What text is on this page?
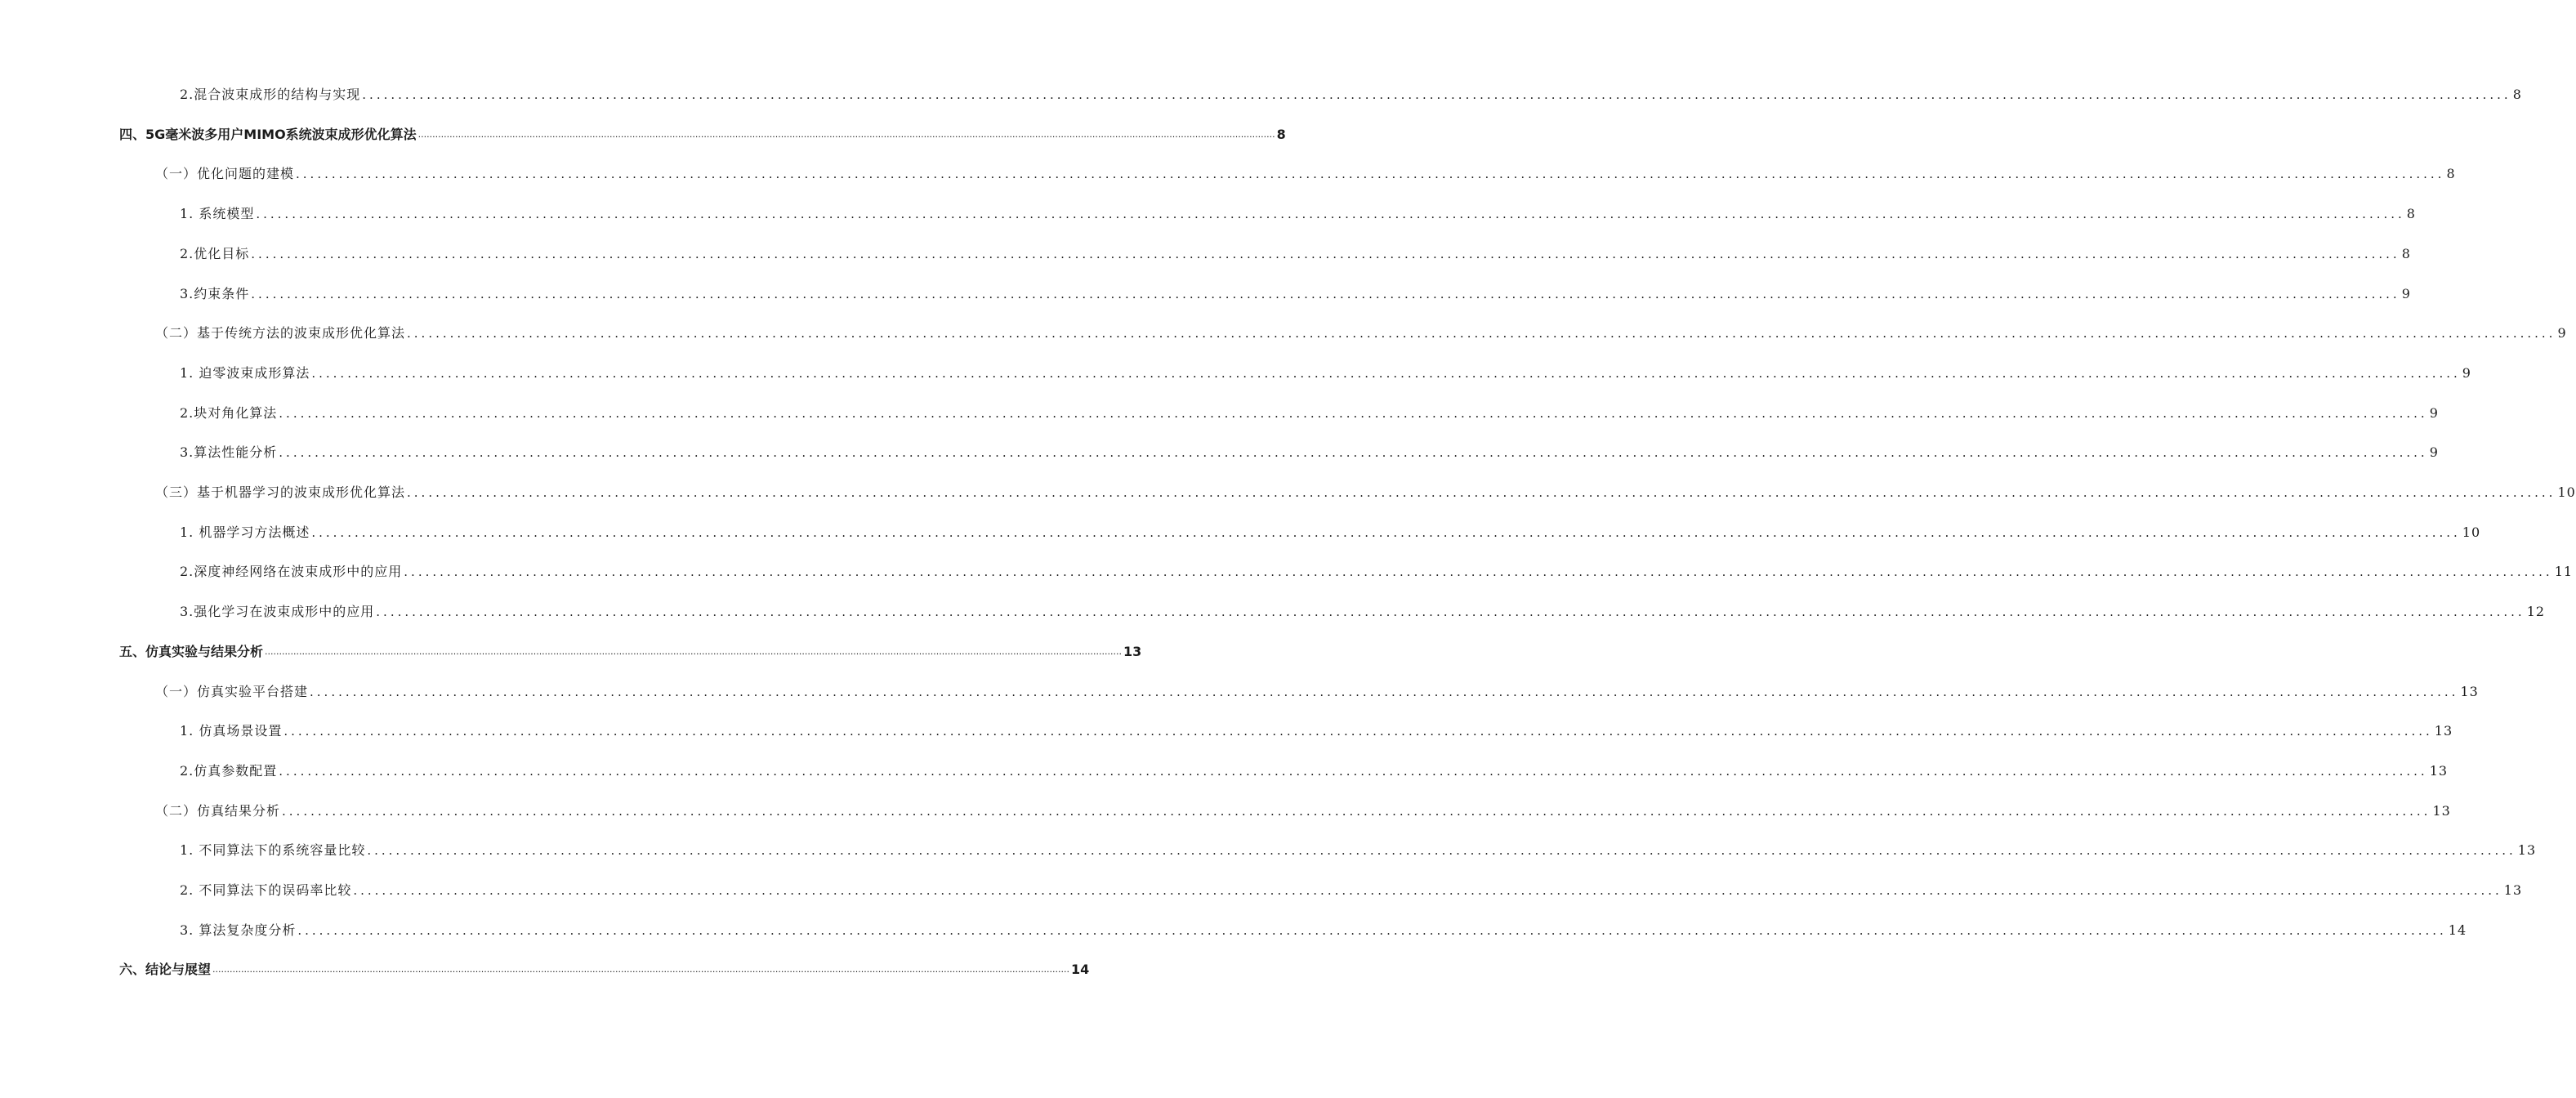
2.混合波束成形的结构与实现 ............................................................................................................................................................................................................................................................................................................ 8
四、5G毫米波多用户MIMO系统波束成形优化算法 ............................................................................................................................................................................................................................................................................................................ 8
（一）优化问题的建模 ............................................................................................................................................................................................................................................................................................................ 8
1. 系统模型 ............................................................................................................................................................................................................................................................................................................ 8
2.优化目标 ............................................................................................................................................................................................................................................................................................................ 8
3.约束条件 ............................................................................................................................................................................................................................................................................................................ 9
（二）基于传统方法的波束成形优化算法 ............................................................................................................................................................................................................................................................................................................ 9
1. 迫零波束成形算法 ............................................................................................................................................................................................................................................................................................................ 9
2.块对角化算法 ............................................................................................................................................................................................................................................................................................................ 9
3.算法性能分析 ............................................................................................................................................................................................................................................................................................................ 9
（三）基于机器学习的波束成形优化算法 ............................................................................................................................................................................................................................................................................................................ 10
1. 机器学习方法概述 ............................................................................................................................................................................................................................................................................................................ 10
2.深度神经网络在波束成形中的应用 ............................................................................................................................................................................................................................................................................................................ 11
3.强化学习在波束成形中的应用 ............................................................................................................................................................................................................................................................................................................ 12
五、仿真实验与结果分析 ............................................................................................................................................................................................................................................................................................................ 13
（一）仿真实验平台搭建 ............................................................................................................................................................................................................................................................................................................ 13
1. 仿真场景设置 ............................................................................................................................................................................................................................................................................................................ 13
2.仿真参数配置 ............................................................................................................................................................................................................................................................................................................ 13
（二）仿真结果分析 ............................................................................................................................................................................................................................................................................................................ 13
1. 不同算法下的系统容量比较 ............................................................................................................................................................................................................................................................................................................ 13
2. 不同算法下的误码率比较 ............................................................................................................................................................................................................................................................................................................ 13
3. 算法复杂度分析 ............................................................................................................................................................................................................................................................................................................ 14
六、结论与展望 ............................................................................................................................................................................................................................................................................................................ 14
